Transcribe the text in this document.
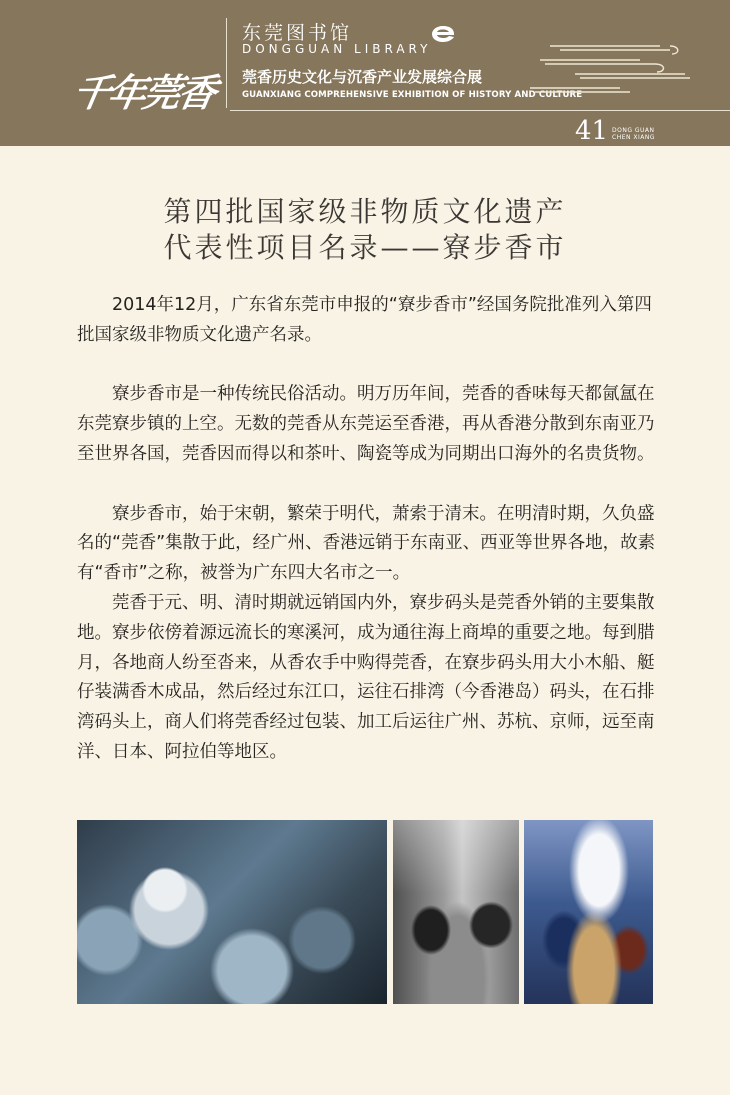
千年莞香
东莞图书馆
DONGGUAN LIBRARY
莞香历史文化与沉香产业发展综合展
GUANXIANG COMPREHENSIVE EXHIBITION OF HISTORY AND CULTURE
41 DONG GUAN
CHEN XIANG
第四批国家级非物质文化遗产
代表性项目名录——寮步香市

2014年12月，广东省东莞市申报的“寮步香市”经国务院批准列入第四批国家级非物质文化遗产名录。

寮步香市是一种传统民俗活动。明万历年间，莞香的香味每天都氤氲在东莞寮步镇的上空。无数的莞香从东莞运至香港，再从香港分散到东南亚乃至世界各国，莞香因而得以和茶叶、陶瓷等成为同期出口海外的名贵货物。

寮步香市，始于宋朝，繁荣于明代，萧索于清末。在明清时期，久负盛名的“莞香”集散于此，经广州、香港远销于东南亚、西亚等世界各地，故素有“香市”之称，被誉为广东四大名市之一。

莞香于元、明、清时期就远销国内外，寮步码头是莞香外销的主要集散地。寮步依傍着源远流长的寒溪河，成为通往海上商埠的重要之地。每到腊月，各地商人纷至沓来，从香农手中购得莞香，在寮步码头用大小木船、艇仔装满香木成品，然后经过东江口，运往石排湾（今香港岛）码头，在石排湾码头上，商人们将莞香经过包装、加工后运往广州、苏杭、京师，远至南洋、日本、阿拉伯等地区。
